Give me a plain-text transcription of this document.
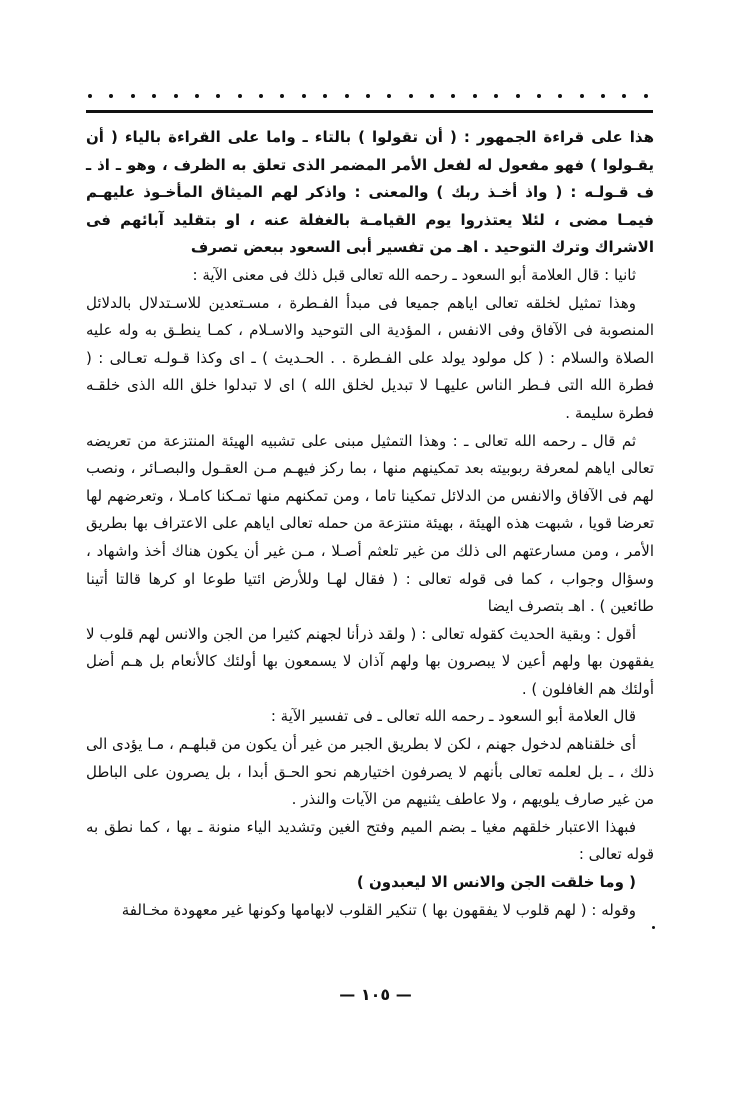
هذا على قراءة الجمهور : ( أن تقولوا ) بالتاء ـ واما على القراءة بالياء ( أن يقـولوا ) فهو مفعول له لفعل الأمر المضمر الذى تعلق به الظرف ، وهو ـ اذ ـ ف قـولـه : ( واذ أخـذ ربك ) والمعنى : واذكر لهم الميثاق المأخـوذ عليهـم فيمـا مضى ، لئلا يعتذروا يوم القيامـة بالغفلة عنه ، او بتقليد آبائهم فى الاشراك وترك التوحيد . اهـ من تفسير أبى السعود ببعض تصرف

ثانيا : قال العلامة أبو السعود ـ رحمه الله تعالى قبل ذلك فى معنى الآية :

وهذا تمثيل لخلقه تعالى اياهم جميعا فى مبدأ الفـطرة ، مسـتعدين للاسـتدلال بالدلائل المنصوبة فى الآفاق وفى الانفس ، المؤدية الى التوحيد والاسـلام ، كمـا ينطـق به وله عليه الصلاة والسلام : ( كل مولود يولد على الفـطرة . . الحـديث ) ـ اى وكذا قـولـه تعـالى : ( فطرة الله التى فـطر الناس عليهـا لا تبديل لخلق الله ) اى لا تبدلوا خلق الله الذى خلقـه فطرة سليمة .

ثم قال ـ رحمه الله تعالى ـ : وهذا التمثيل مبنى على تشبيه الهيئة المنتزعة من تعريضه تعالى اياهم لمعرفة ربوبيته بعد تمكينهم منها ، بما ركز فيهـم مـن العقـول والبصـائر ، ونصب لهم فى الآفاق والانفس من الدلائل تمكينا تاما ، ومن تمكنهم منها تمـكنا كامـلا ، وتعرضهم لها تعرضا قويا ، شبهت هذه الهيئة ، بهيئة منتزعة من حمله تعالى اياهم على الاعتراف بها بطريق الأمر ، ومن مسارعتهم الى ذلك من غير تلعثم أصـلا ، مـن غير أن يكون هناك أخذ واشهاد ، وسؤال وجواب ، كما فى قوله تعالى : ( فقال لهـا وللأرض ائتيا طوعا او كرها قالتا أتينا طائعين ) . اهـ بتصرف ايضا

أقول : وبقية الحديث كقوله تعالى : ( ولقد ذرأنا لجهنم كثيرا من الجن والانس لهم قلوب لا يفقهون بها ولهم أعين لا يبصرون بها ولهم آذان لا يسمعون بها أولئك كالأنعام بل هـم أضل أولئك هم الغافلون ) .

قال العلامة أبو السعود ـ رحمه الله تعالى ـ فى تفسير الآية :

أى خلقناهم لدخول جهنم ، لكن لا بطريق الجبر من غير أن يكون من قبلهـم ، مـا يؤدى الى ذلك ، ـ بل لعلمه تعالى بأنهم لا يصرفون اختيارهم نحو الحـق أبدا ، بل يصرون على الباطل من غير صارف يلويهم ، ولا عاطف يثنيهم من الآيات والنذر .

فبهذا الاعتبار خلقهم مغيا ـ بضم الميم وفتح الغين وتشديد الياء منونة ـ بها ، كما نطق به قوله تعالى :

( وما خلقت الجن والانس الا ليعبدون )

وقوله : ( لهم قلوب لا يفقهون بها ) تنكير القلوب لابهامها وكونها غير معهودة مخـالفة

— ١٠٥ —
